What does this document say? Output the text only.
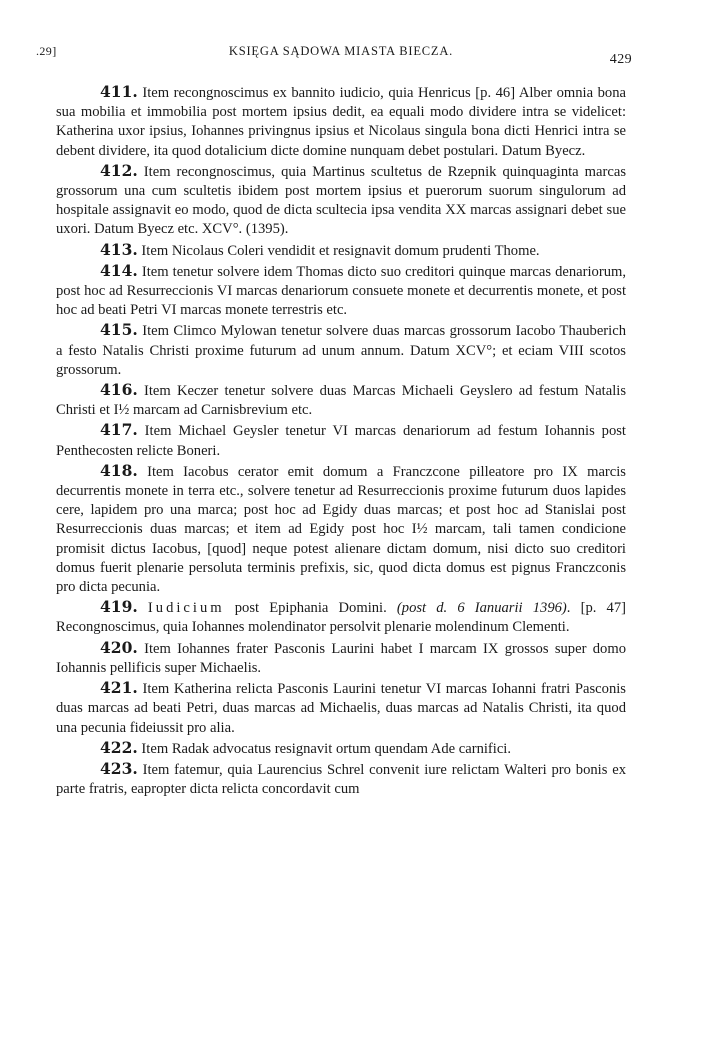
.29]	KSIĘGA SĄDOWA MIASTA BIECZA.
429

411. Item recongnoscimus ex bannito iudicio, quia Henricus [p. 46] Alber omnia bona sua mobilia et immobilia post mortem ipsius dedit, ea equali modo dividere intra se videlicet: Katherina uxor ipsius, Iohannes privingnus ipsius et Nicolaus singula bona dicti Henrici intra se debent dividere, ita quod dotalicium dicte domine nunquam debet postulari. Datum Byecz.

412. Item recongnoscimus, quia Martinus scultetus de Rzepnik quinquaginta marcas grossorum una cum scultetis ibidem post mortem ipsius et puerorum suorum singulorum ad hospitale assignavit eo modo, quod de dicta scultecia ipsa vendita XX marcas assignari debet sue uxori. Datum Byecz etc. XCV°. (1395).

413. Item Nicolaus Coleri vendidit et resignavit domum prudenti Thome.

414. Item tenetur solvere idem Thomas dicto suo creditori quinque marcas denariorum, post hoc ad Resurreccionis VI marcas denariorum consuete monete et decurrentis monete, et post hoc ad beati Petri VI marcas monete terrestris etc.

415. Item Climco Mylowan tenetur solvere duas marcas grossorum Iacobo Thauberich a festo Natalis Christi proxime futurum ad unum annum. Datum XCV°; et eciam VIII scotos grossorum.

416. Item Keczer tenetur solvere duas Marcas Michaeli Geyslero ad festum Natalis Christi et I½ marcam ad Carnisbrevium etc.

417. Item Michael Geysler tenetur VI marcas denariorum ad festum Iohannis post Penthecosten relicte Boneri.

418. Item Iacobus cerator emit domum a Franczcone pilleatore pro IX marcis decurrentis monete in terra etc., solvere tenetur ad Resurreccionis proxime futurum duos lapides cere, lapidem pro una marca; post hoc ad Egidy duas marcas; et post hoc ad Stanislai post Resurreccionis duas marcas; et item ad Egidy post hoc I½ marcam, tali tamen condicione promisit dictus Iacobus, [quod] neque potest alienare dictam domum, nisi dicto suo creditori domus fuerit plenarie persoluta terminis prefixis, sic, quod dicta domus est pignus Franczconis pro dicta pecunia.

419. Iudicium post Epiphania Domini. (post d. 6 Ianuarii 1396). [p. 47] Recongnoscimus, quia Iohannes molendinator persolvit plenarie molendinum Clementi.

420. Item Iohannes frater Pasconis Laurini habet I marcam IX grossos super domo Iohannis pellificis super Michaelis.

421. Item Katherina relicta Pasconis Laurini tenetur VI marcas Iohanni fratri Pasconis duas marcas ad beati Petri, duas marcas ad Michaelis, duas marcas ad Natalis Christi, ita quod una pecunia fideiussit pro alia.

422. Item Radak advocatus resignavit ortum quendam Ade carnifici.

423. Item fatemur, quia Laurencius Schrel convenit iure relictam Walteri pro bonis ex parte fratris, eapropter dicta relicta concordavit cum
